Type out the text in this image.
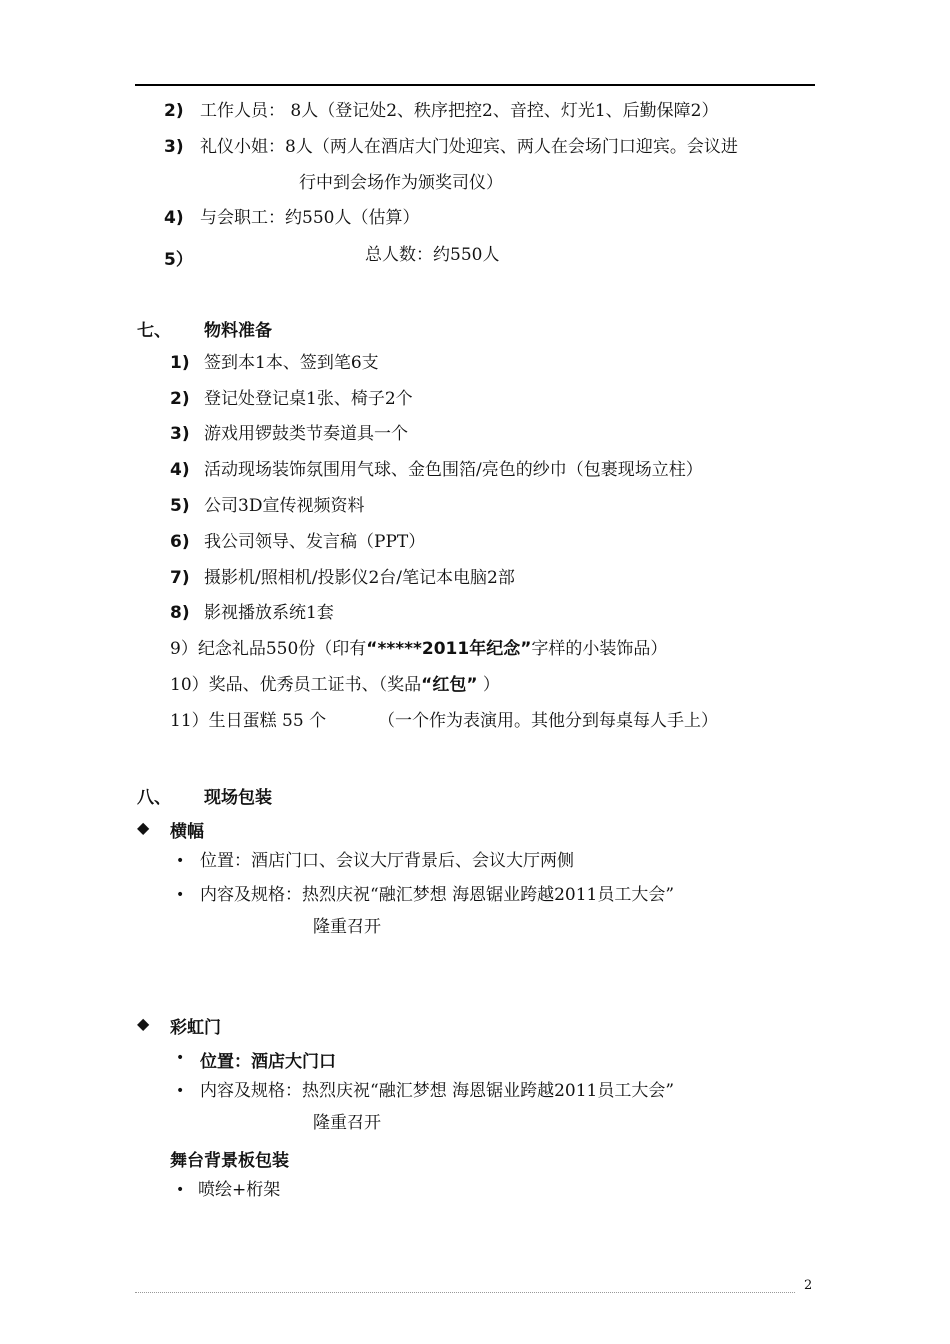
2) 工作人员： 8人（登记处2、秩序把控2、音控、灯光1、后勤保障2）
3) 礼仪小姐：8人（两人在酒店大门处迎宾、两人在会场门口迎宾。会议进
行中到会场作为颁奖司仪）
4) 与会职工：约550人（估算）
5）	总人数：约550人
七、 物料准备
1) 签到本1本、签到笔6支
2) 登记处登记桌1张、椅子2个
3) 游戏用锣鼓类节奏道具一个
4) 活动现场装饰氛围用气球、金色围箔/亮色的纱巾（包裹现场立柱）
5) 公司3D宣传视频资料
6) 我公司领导、发言稿（PPT）
7) 摄影机/照相机/投影仪2台/笔记本电脑2部
8) 影视播放系统1套
9）纪念礼品550份（印有“*****2011年纪念”字样的小装饰品）
10）奖品、优秀员工证书、（奖品“红包” ）
11）生日蛋糕 55 个	（一个作为表演用。其他分到每桌每人手上）
八、 现场包装
◆ 横幅
• 位置：酒店门口、会议大厅背景后、会议大厅两侧
• 内容及规格：热烈庆祝“融汇梦想 海恩锯业跨越2011员工大会”
隆重召开
◆ 彩虹门
• 位置：酒店大门口
• 内容及规格：热烈庆祝“融汇梦想 海恩锯业跨越2011员工大会”
隆重召开
舞台背景板包装
• 喷绘+桁架
2
